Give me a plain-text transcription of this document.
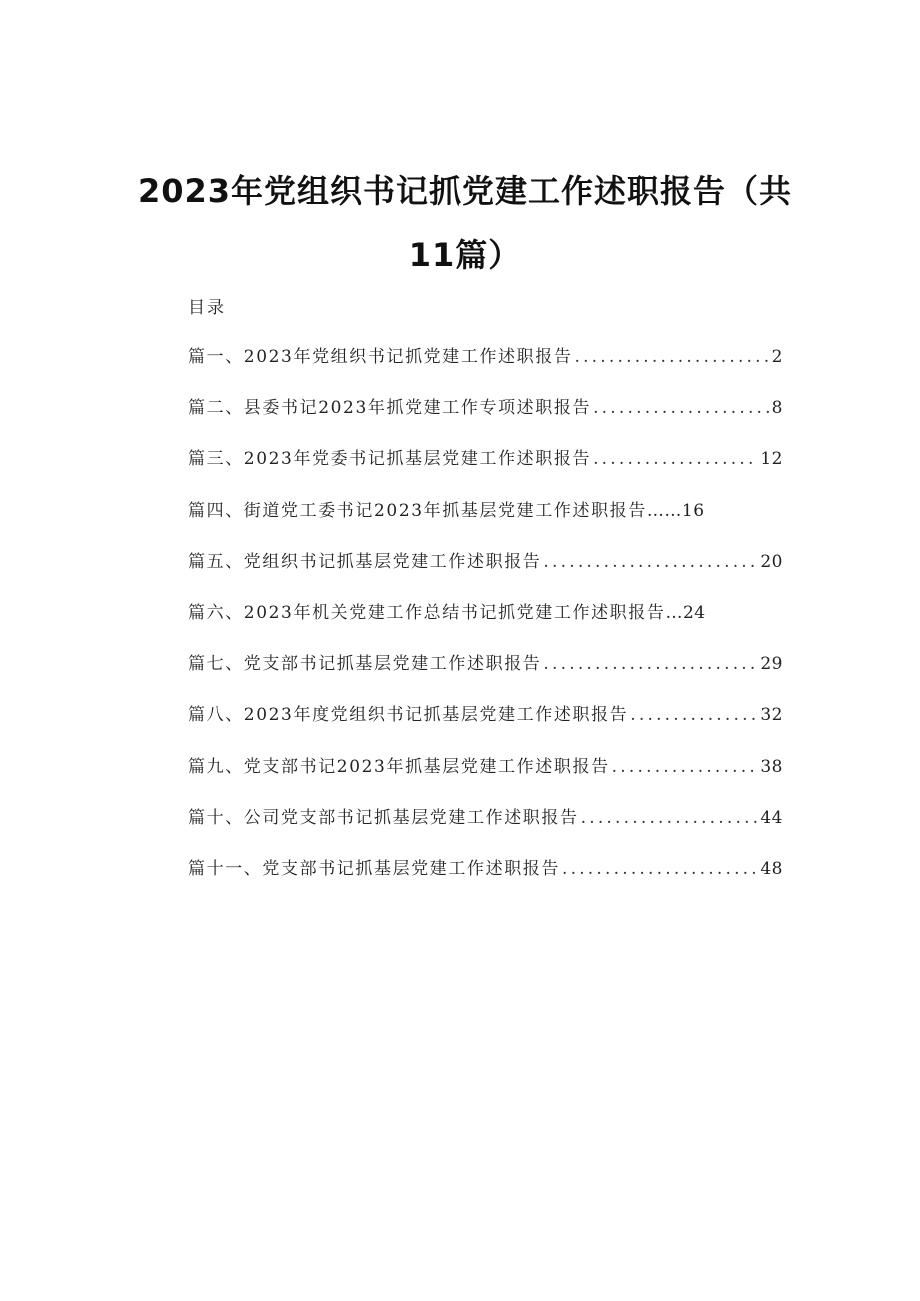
2023年党组织书记抓党建工作述职报告（共
11篇）
目录
篇一、2023年党组织书记抓党建工作述职报告 .....	2
篇二、县委书记2023年抓党建工作专项述职报告 .....	8
篇三、2023年党委书记抓基层党建工作述职报告 .....	12
篇四、街道党工委书记2023年抓基层党建工作述职报告 ……16
篇五、党组织书记抓基层党建工作述职报告 .....	20
篇六、2023年机关党建工作总结书记抓党建工作述职报告 …24
篇七、党支部书记抓基层党建工作述职报告 .....	29
篇八、2023年度党组织书记抓基层党建工作述职报告 .....	32
篇九、党支部书记2023年抓基层党建工作述职报告 .....	38
篇十、公司党支部书记抓基层党建工作述职报告 .....	44
篇十一、党支部书记抓基层党建工作述职报告 .....	48
